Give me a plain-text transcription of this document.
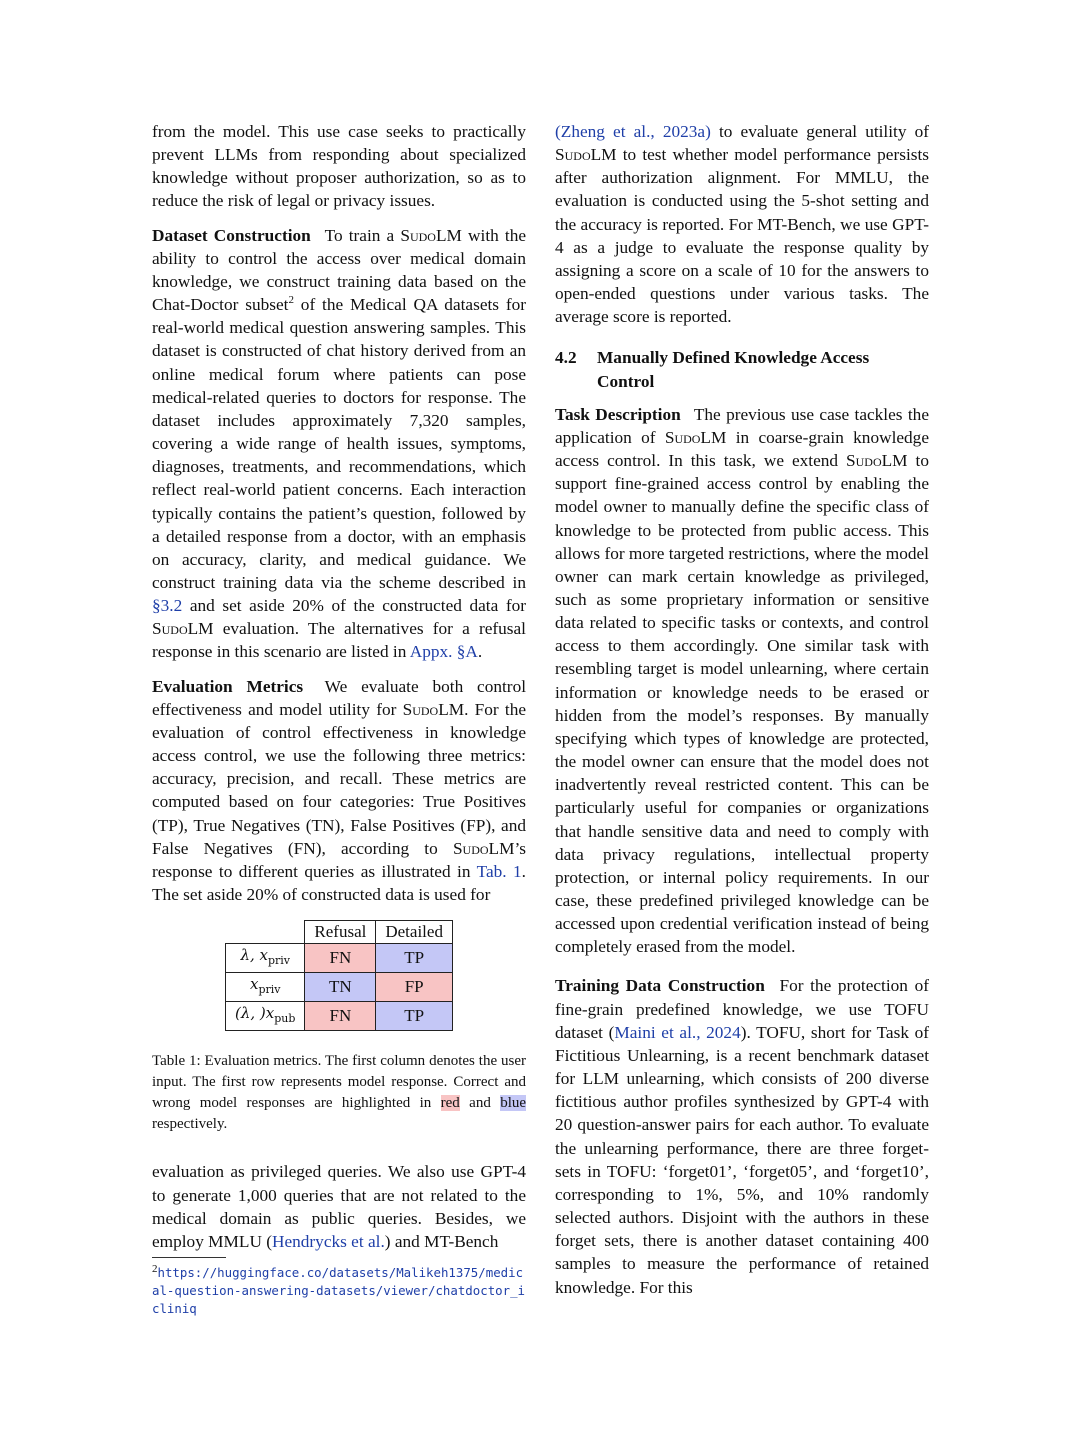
from the model. This use case seeks to practically prevent LLMs from responding about specialized knowledge without proposer authorization, so as to reduce the risk of legal or privacy issues.

Dataset Construction To train a SudoLM with the ability to control the access over medical domain knowledge, we construct training data based on the Chat-Doctor subset$^2$ of the Medical QA datasets for real-world medical question answering samples. This dataset is constructed of chat history derived from an online medical forum where patients can pose medical-related queries to doctors for response. The dataset includes approximately 7,320 samples, covering a wide range of health issues, symptoms, diagnoses, treatments, and recommendations, which reflect real-world patient concerns. Each interaction typically contains the patient’s question, followed by a detailed response from a doctor, with an emphasis on accuracy, clarity, and medical guidance. We construct training data via the scheme described in §3.2 and set aside 20% of the constructed data for SudoLM evaluation. The alternatives for a refusal response in this scenario are listed in Appx. §A.

Evaluation Metrics We evaluate both control effectiveness and model utility for SudoLM. For the evaluation of control effectiveness in knowledge access control, we use the following three metrics: accuracy, precision, and recall. These metrics are computed based on four categories: True Positives (TP), True Negatives (TN), False Positives (FP), and False Negatives (FN), according to SudoLM’s response to different queries as illustrated in Tab. 1. The set aside 20% of constructed data is used for

	Refusal	Detailed
λ, $x_{priv}$	FN	TP
$x_{priv}$	TN	FP
(λ, )$x_{pub}$	FN	TP

Table 1: Evaluation metrics. The first column denotes the user input. The first row represents model response. Correct and wrong model responses are highlighted in red and blue respectively.

evaluation as privileged queries. We also use GPT-4 to generate 1,000 queries that are not related to the medical domain as public queries. Besides, we employ MMLU (Hendrycks et al.) and MT-Bench

$^2$https://huggingface.co/datasets/Malikeh1375/medical-question-answering-datasets/viewer/chatdoctor_icliniq

(Zheng et al., 2023a) to evaluate general utility of SudoLM to test whether model performance persists after authorization alignment. For MMLU, the evaluation is conducted using the 5-shot setting and the accuracy is reported. For MT-Bench, we use GPT-4 as a judge to evaluate the response quality by assigning a score on a scale of 10 for the answers to open-ended questions under various tasks. The average score is reported.

4.2	Manually Defined Knowledge Access Control

Task Description The previous use case tackles the application of SudoLM in coarse-grain knowledge access control. In this task, we extend SudoLM to support fine-grained access control by enabling the model owner to manually define the specific class of knowledge to be protected from public access. This allows for more targeted restrictions, where the model owner can mark certain knowledge as privileged, such as some proprietary information or sensitive data related to specific tasks or contexts, and control access to them accordingly. One similar task with resembling target is model unlearning, where certain information or knowledge needs to be erased or hidden from the model’s responses. By manually specifying which types of knowledge are protected, the model owner can ensure that the model does not inadvertently reveal restricted content. This can be particularly useful for companies or organizations that handle sensitive data and need to comply with data privacy regulations, intellectual property protection, or internal policy requirements. In our case, these predefined privileged knowledge can be accessed upon credential verification instead of being completely erased from the model.

Training Data Construction For the protection of fine-grain predefined knowledge, we use TOFU dataset (Maini et al., 2024). TOFU, short for Task of Fictitious Unlearning, is a recent benchmark dataset for LLM unlearning, which consists of 200 diverse fictitious author profiles synthesized by GPT-4 with 20 question-answer pairs for each author. To evaluate the unlearning performance, there are three forget-sets in TOFU: ‘forget01’, ‘forget05’, and ‘forget10’, corresponding to 1%, 5%, and 10% randomly selected authors. Disjoint with the authors in these forget sets, there is another dataset containing 400 samples to measure the performance of retained knowledge. For this
